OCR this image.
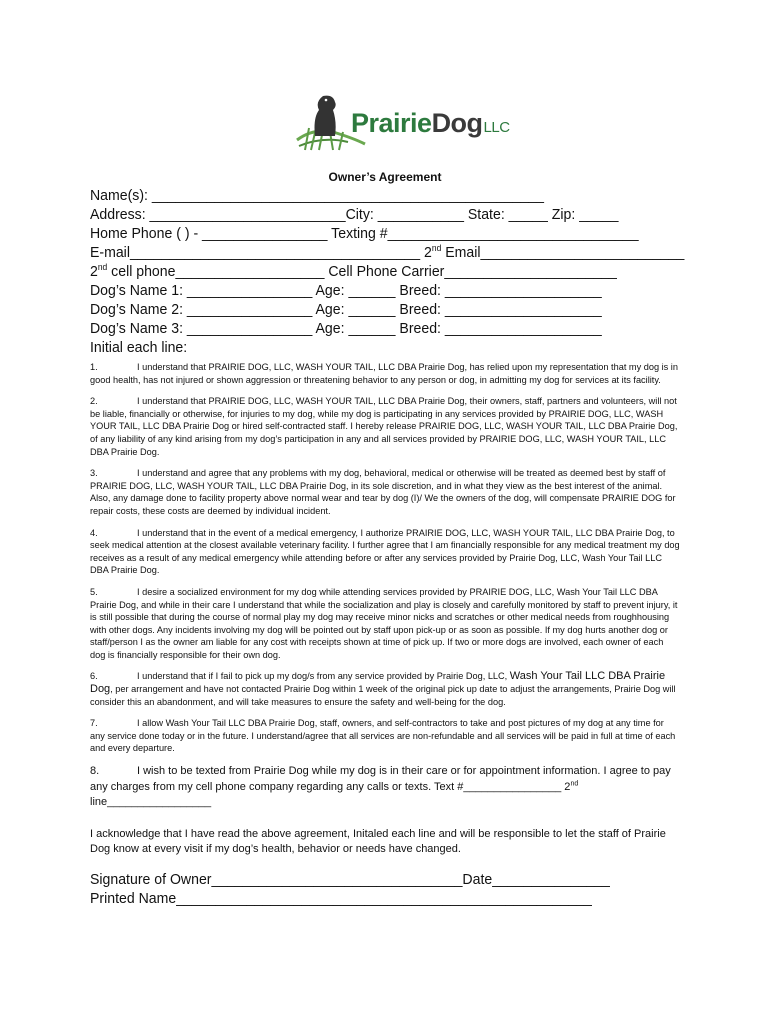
PrairieDogLLC
Owner’s Agreement
Name(s): __________________________________________________
Address: _________________________City: ___________ State: _____ Zip: _____
Home Phone ( ) - ________________ Texting #________________________________
E-mail_____________________________________ 2nd Email__________________________
2nd cell phone___________________ Cell Phone Carrier______________________
Dog’s Name 1: ________________ Age: ______ Breed: ____________________
Dog’s Name 2: ________________ Age: ______ Breed: ____________________
Dog’s Name 3: ________________ Age: ______ Breed: ____________________
Initial each line:
1.	I understand that PRAIRIE DOG, LLC, WASH YOUR TAIL, LLC DBA Prairie Dog, has relied upon my representation that my dog is in good health, has not injured or shown aggression or threatening behavior to any person or dog, in admitting my dog for services at its facility.
2.	I understand that PRAIRIE DOG, LLC, WASH YOUR TAIL, LLC DBA Prairie Dog, their owners, staff, partners and volunteers, will not be liable, financially or otherwise, for injuries to my dog, while my dog is participating in any services provided by PRAIRIE DOG, LLC, WASH YOUR TAIL, LLC DBA Prairie Dog or hired self-contracted staff. I hereby release PRAIRIE DOG, LLC, WASH YOUR TAIL, LLC DBA Prairie Dog, of any liability of any kind arising from my dog’s participation in any and all services provided by PRAIRIE DOG, LLC, WASH YOUR TAIL, LLC DBA Prairie Dog.
3.	I understand and agree that any problems with my dog, behavioral, medical or otherwise will be treated as deemed best by staff of PRAIRIE DOG, LLC, WASH YOUR TAIL, LLC DBA Prairie Dog, in its sole discretion, and in what they view as the best interest of the animal. Also, any damage done to facility property above normal wear and tear by dog (I)/ We the owners of the dog, will compensate PRAIRIE DOG for repair costs, these costs are deemed by individual incident.
4.	I understand that in the event of a medical emergency, I authorize PRAIRIE DOG, LLC, WASH YOUR TAIL, LLC DBA Prairie Dog, to seek medical attention at the closest available veterinary facility. I further agree that I am financially responsible for any medical treatment my dog receives as a result of any medical emergency while attending before or after any services provided by Prairie Dog, LLC, Wash Your Tail LLC DBA Prairie Dog.
5.	I desire a socialized environment for my dog while attending services provided by PRAIRIE DOG, LLC, Wash Your Tail LLC DBA Prairie Dog, and while in their care I understand that while the socialization and play is closely and carefully monitored by staff to prevent injury, it is still possible that during the course of normal play my dog may receive minor nicks and scratches or other medical needs from roughhousing with other dogs. Any incidents involving my dog will be pointed out by staff upon pick-up or as soon as possible. If my dog hurts another dog or staff/person I as the owner am liable for any cost with receipts shown at time of pick up. If two or more dogs are involved, each owner of each dog is financially responsible for their own dog.
6.	I understand that if I fail to pick up my dog/s from any service provided by Prairie Dog, LLC, Wash Your Tail LLC DBA Prairie Dog, per arrangement and have not contacted Prairie Dog within 1 week of the original pick up date to adjust the arrangements, Prairie Dog will consider this an abandonment, and will take measures to ensure the safety and well-being for the dog.
7.	I allow Wash Your Tail LLC DBA Prairie Dog, staff, owners, and self-contractors to take and post pictures of my dog at any time for any service done today or in the future. I understand/agree that all services are non-refundable and all services will be paid in full at time of each and every departure.
8.	I wish to be texted from Prairie Dog while my dog is in their care or for appointment information. I agree to pay any charges from my cell phone company regarding any calls or texts. Text #________________ 2nd line_________________
I acknowledge that I have read the above agreement, Initaled each line and will be responsible to let the staff of Prairie Dog know at every visit if my dog’s health, behavior or needs have changed.
Signature of Owner________________________________Date_______________
Printed Name_____________________________________________________
